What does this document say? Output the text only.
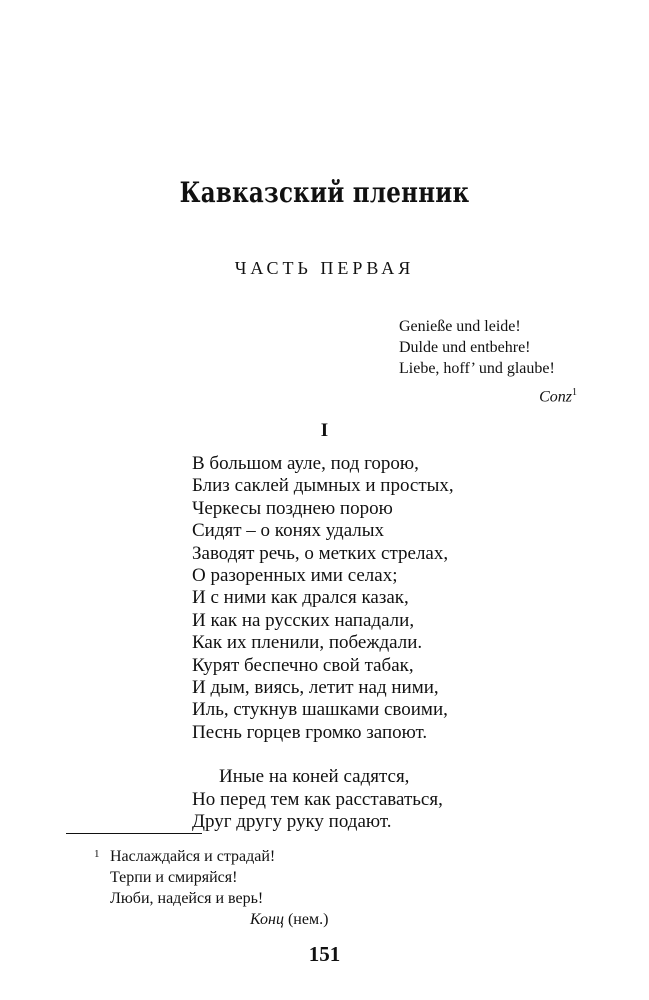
Кавказский пленник
ЧАСТЬ ПЕРВАЯ
Genieße und leide!
Dulde und entbehre!
Liebe, hoff’ und glaube!
Conz$^1$
I
В большом ауле, под горою,
Близ саклей дымных и простых,
Черкесы позднею порою
Сидят – о конях удалых
Заводят речь, о метких стрелах,
О разоренных ими селах;
И с ними как дрался казак,
И как на русских нападали,
Как их пленили, побеждали.
Курят беспечно свой табак,
И дым, виясь, летит над ними,
Иль, стукнув шашками своими,
Песнь горцев громко запоют.
Иные на коней садятся,
Но перед тем как расставаться,
Друг другу руку подают.
1 Наслаждайся и страдай!
Терпи и смиряйся!
Люби, надейся и верь!
Конц (нем.)
151
